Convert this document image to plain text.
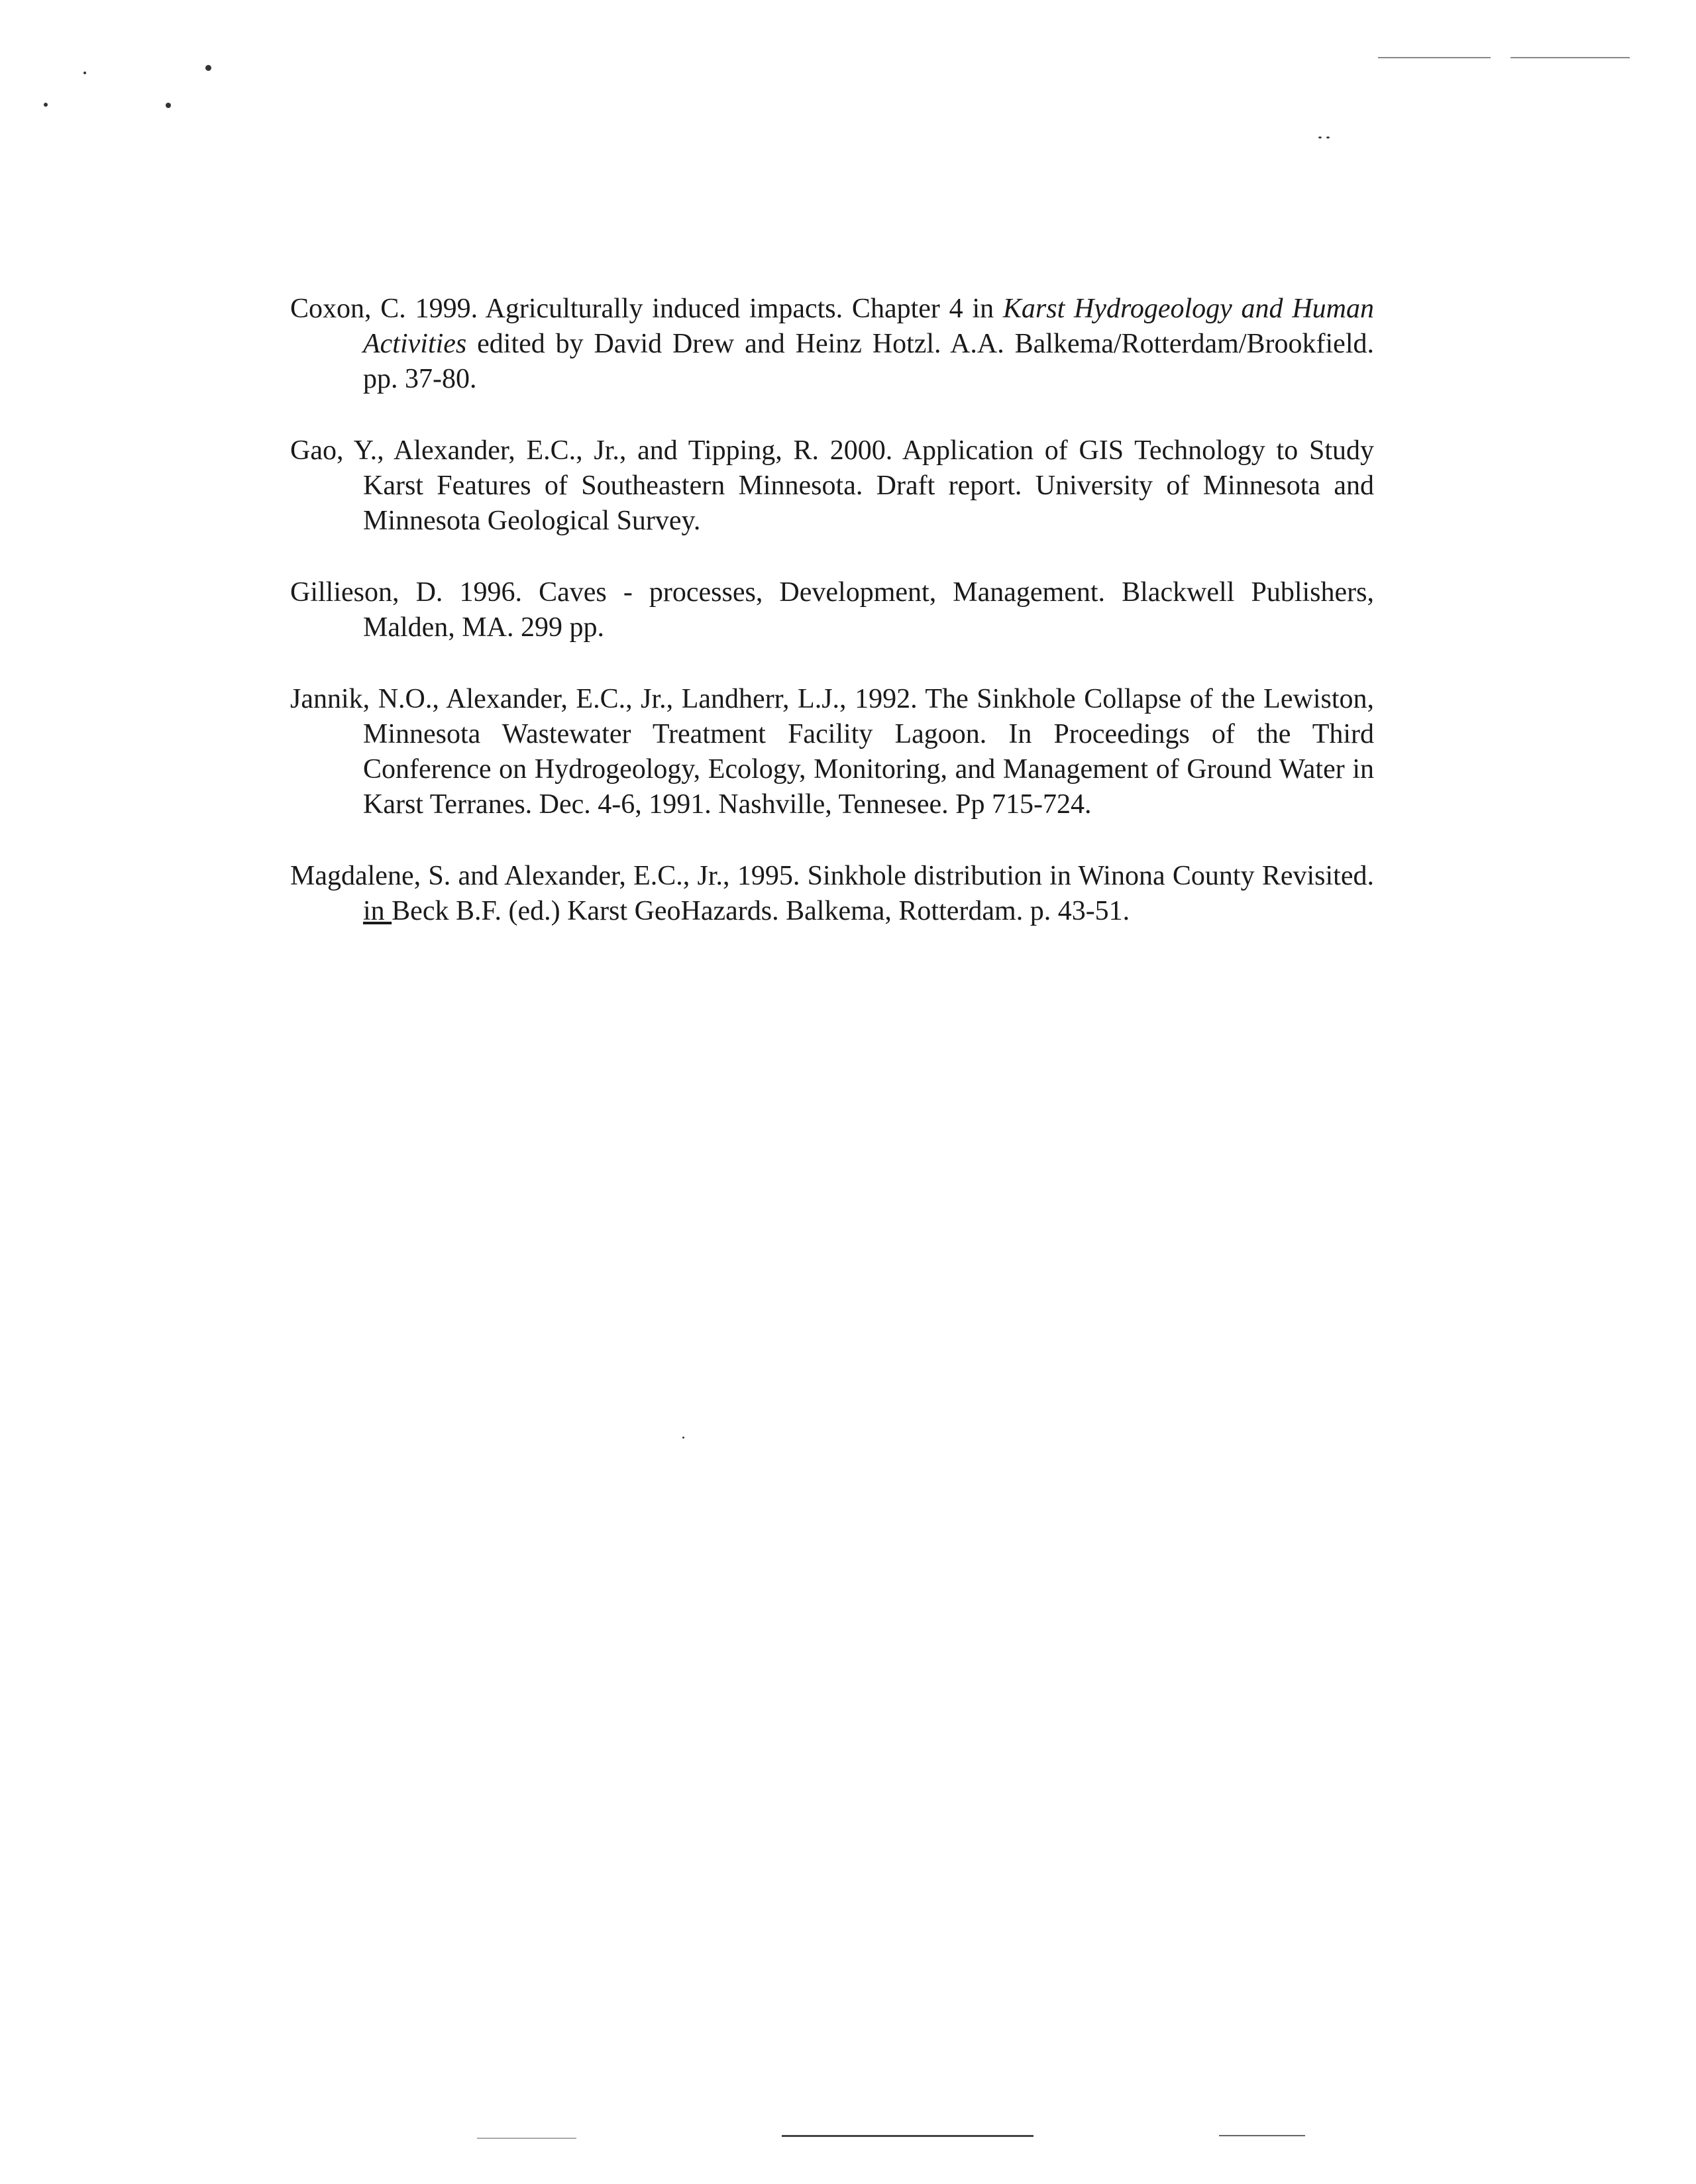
Coxon, C. 1999. Agriculturally induced impacts. Chapter 4 in Karst Hydrogeology and Human Activities edited by David Drew and Heinz Hotzl. A.A. Balkema/Rotterdam/Brookfield. pp. 37-80.

Gao, Y., Alexander, E.C., Jr., and Tipping, R. 2000. Application of GIS Technology to Study Karst Features of Southeastern Minnesota. Draft report. University of Minnesota and Minnesota Geological Survey.

Gillieson, D. 1996. Caves - processes, Development, Management. Blackwell Publishers, Malden, MA. 299 pp.

Jannik, N.O., Alexander, E.C., Jr., Landherr, L.J., 1992. The Sinkhole Collapse of the Lewiston, Minnesota Wastewater Treatment Facility Lagoon. In Proceedings of the Third Conference on Hydrogeology, Ecology, Monitoring, and Management of Ground Water in Karst Terranes. Dec. 4-6, 1991. Nashville, Tennesee. Pp 715-724.

Magdalene, S. and Alexander, E.C., Jr., 1995. Sinkhole distribution in Winona County Revisited. in Beck B.F. (ed.) Karst GeoHazards. Balkema, Rotterdam. p. 43-51.
